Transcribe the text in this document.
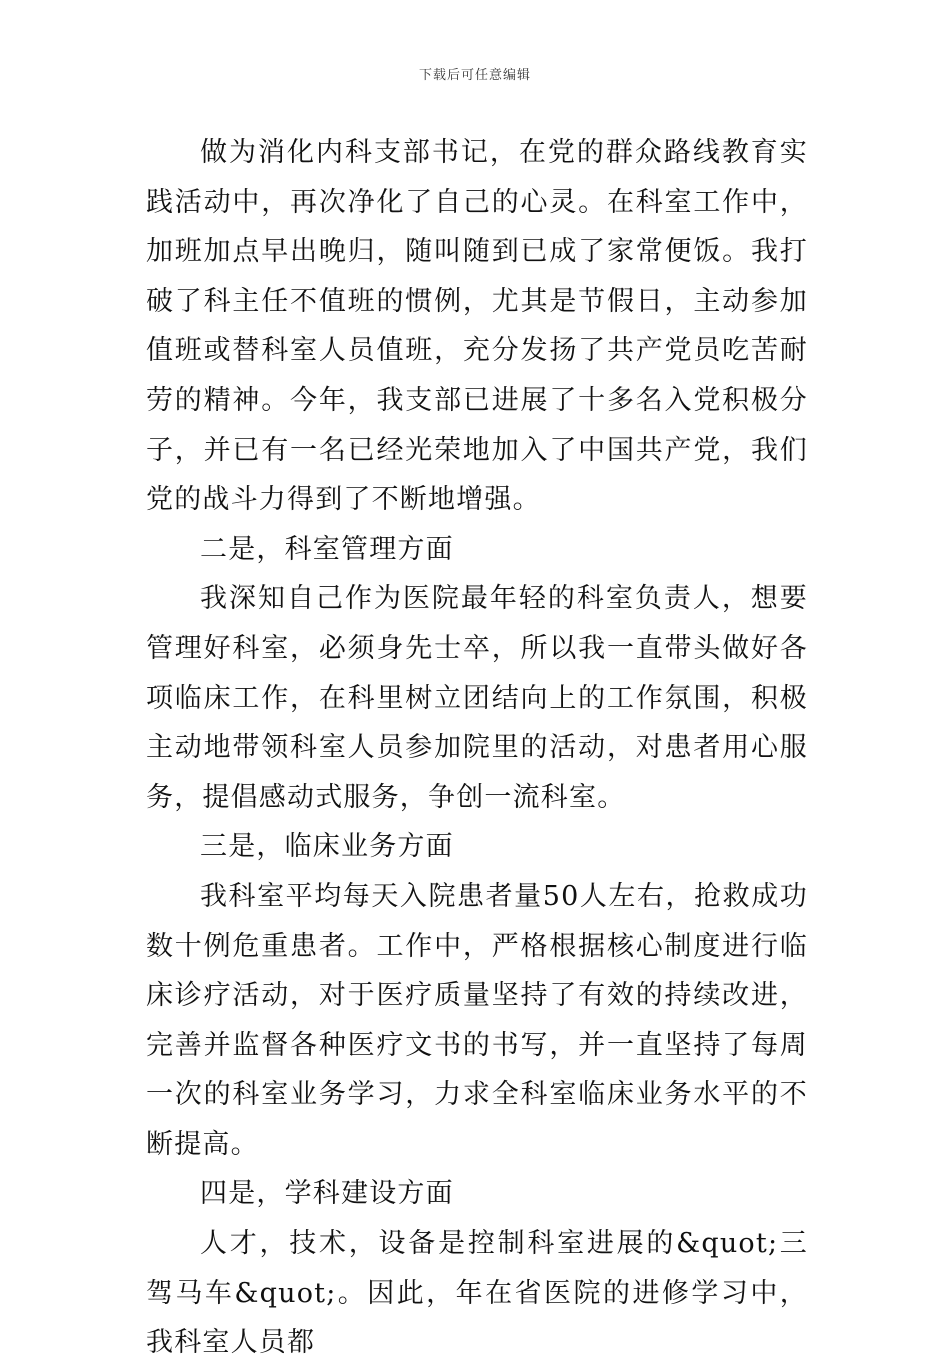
下载后可任意编辑

做为消化内科支部书记，在党的群众路线教育实践活动中，再次净化了自己的心灵。在科室工作中，加班加点早出晚归，随叫随到已成了家常便饭。我打破了科主任不值班的惯例，尤其是节假日，主动参加值班或替科室人员值班，充分发扬了共产党员吃苦耐劳的精神。今年，我支部已进展了十多名入党积极分子，并已有一名已经光荣地加入了中国共产党，我们党的战斗力得到了不断地增强。

二是，科室管理方面

我深知自己作为医院最年轻的科室负责人，想要管理好科室，必须身先士卒，所以我一直带头做好各项临床工作，在科里树立团结向上的工作氛围，积极主动地带领科室人员参加院里的活动，对患者用心服务，提倡感动式服务，争创一流科室。

三是，临床业务方面

我科室平均每天入院患者量50人左右，抢救成功数十例危重患者。工作中，严格根据核心制度进行临床诊疗活动，对于医疗质量坚持了有效的持续改进，完善并监督各种医疗文书的书写，并一直坚持了每周一次的科室业务学习，力求全科室临床业务水平的不断提高。

四是，学科建设方面

人才，技术，设备是控制科室进展的&quot;三驾马车&quot;。因此，年在省医院的进修学习中，我科室人员都
